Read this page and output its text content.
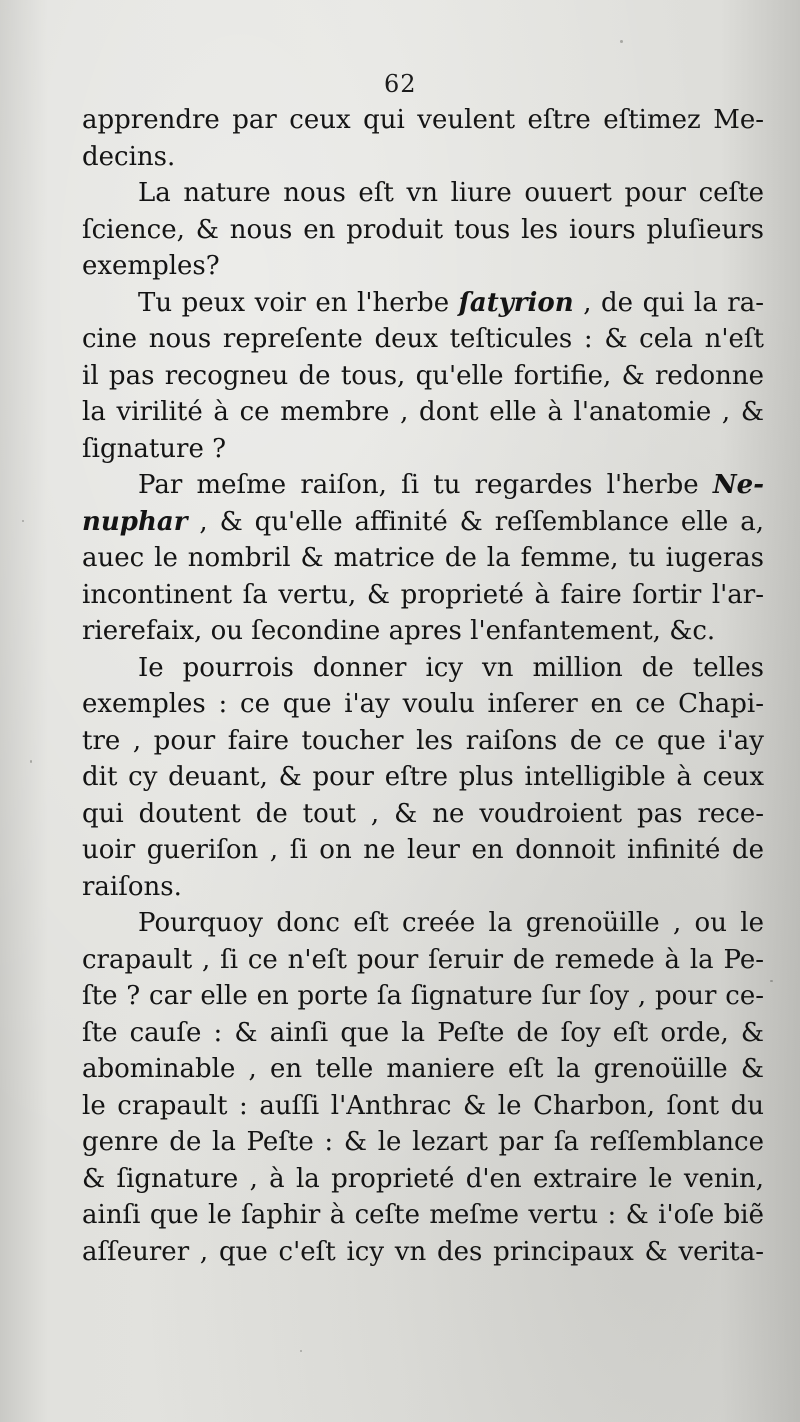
62
apprendre par ceux qui veulent eſtre eſtimez Me-
decins.
La nature nous eſt vn liure ouuert pour ceſte
ſcience, & nous en produit tous les iours pluſieurs
exemples?
Tu peux voir en l'herbe ſatyrion , de qui la ra-
cine nous repreſente deux teſticules : & cela n'eſt
il pas recogneu de tous, qu'elle fortifie, & redonne
la virilité à ce membre , dont elle à l'anatomie , &
ſignature ?
Par meſme raiſon, ſi tu regardes l'herbe Ne-
nuphar , & qu'elle affinité & reſſemblance elle a,
auec le nombril & matrice de la femme, tu iugeras
incontinent ſa vertu, & proprieté à faire ſortir l'ar-
rierefaix, ou ſecondine apres l'enfantement, &c.
Ie pourrois donner icy vn million de telles
exemples : ce que i'ay voulu inſerer en ce Chapi-
tre , pour faire toucher les raiſons de ce que i'ay
dit cy deuant, & pour eſtre plus intelligible à ceux
qui doutent de tout , & ne voudroient pas rece-
uoir gueriſon , ſi on ne leur en donnoit infinité de
raiſons.
Pourquoy donc eſt creée la grenoüille , ou le
crapault , ſi ce n'eſt pour ſeruir de remede à la Pe-
ſte ? car elle en porte ſa ſignature ſur ſoy , pour ce-
ſte cauſe : & ainſi que la Peſte de ſoy eſt orde, &
abominable , en telle maniere eſt la grenoüille &
le crapault : auſſi l'Anthrac & le Charbon, ſont du
genre de la Peſte : & le lezart par ſa reſſemblance
& ſignature , à la proprieté d'en extraire le venin,
ainſi que le ſaphir à ceſte meſme vertu : & i'oſe biẽ
aſſeurer , que c'eſt icy vn des principaux & verita-
